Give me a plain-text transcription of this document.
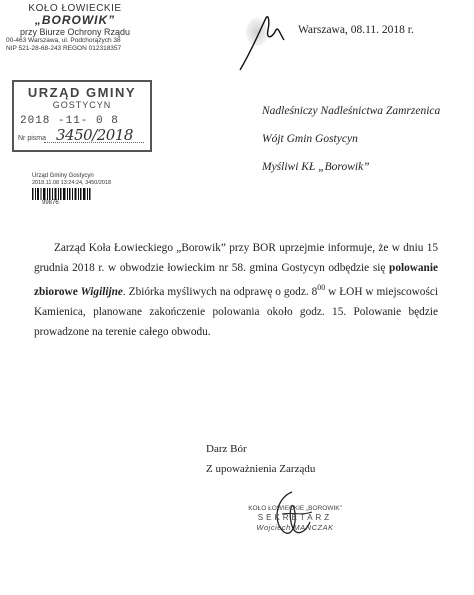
KOŁO ŁOWIECKIE
„BOROWIK”
przy Biurze Ochrony Rządu
00-463 Warszawa, ul. Podchorążych 38
NIP 521-28-68-243 REGON 012318357
Warszawa, 08.11. 2018 r.
URZĄD GMINY
GOSTYCYN
2018 -11- 0 8
Nr pisma 3450/2018
Urząd Gminy Gostycyn
2018.11.08 13:24:24, 3450/2018
99876
Nadleśniczy Nadleśnictwa Zamrzenica
Wójt Gmin Gostycyn
Myśliwi KŁ „Borowik”

Zarząd Koła Łowieckiego „Borowik” przy BOR uprzejmie informuje, że w dniu 15 grudnia 2018 r. w obwodzie łowieckim nr 58. gmina Gostycyn odbędzie się polowanie zbiorowe Wigilijne. Zbiórka myśliwych na odprawę o godz. $8^{00}$ w ŁOH w miejscowości Kamienica, planowane zakończenie polowania około godz. 15. Polowanie będzie prowadzone na terenie całego obwodu.

Darz Bór
Z upoważnienia Zarządu
KOŁO ŁOWIECKIE „BOROWIK”
SEKRETARZ
Wojciech MAŃCZAK
